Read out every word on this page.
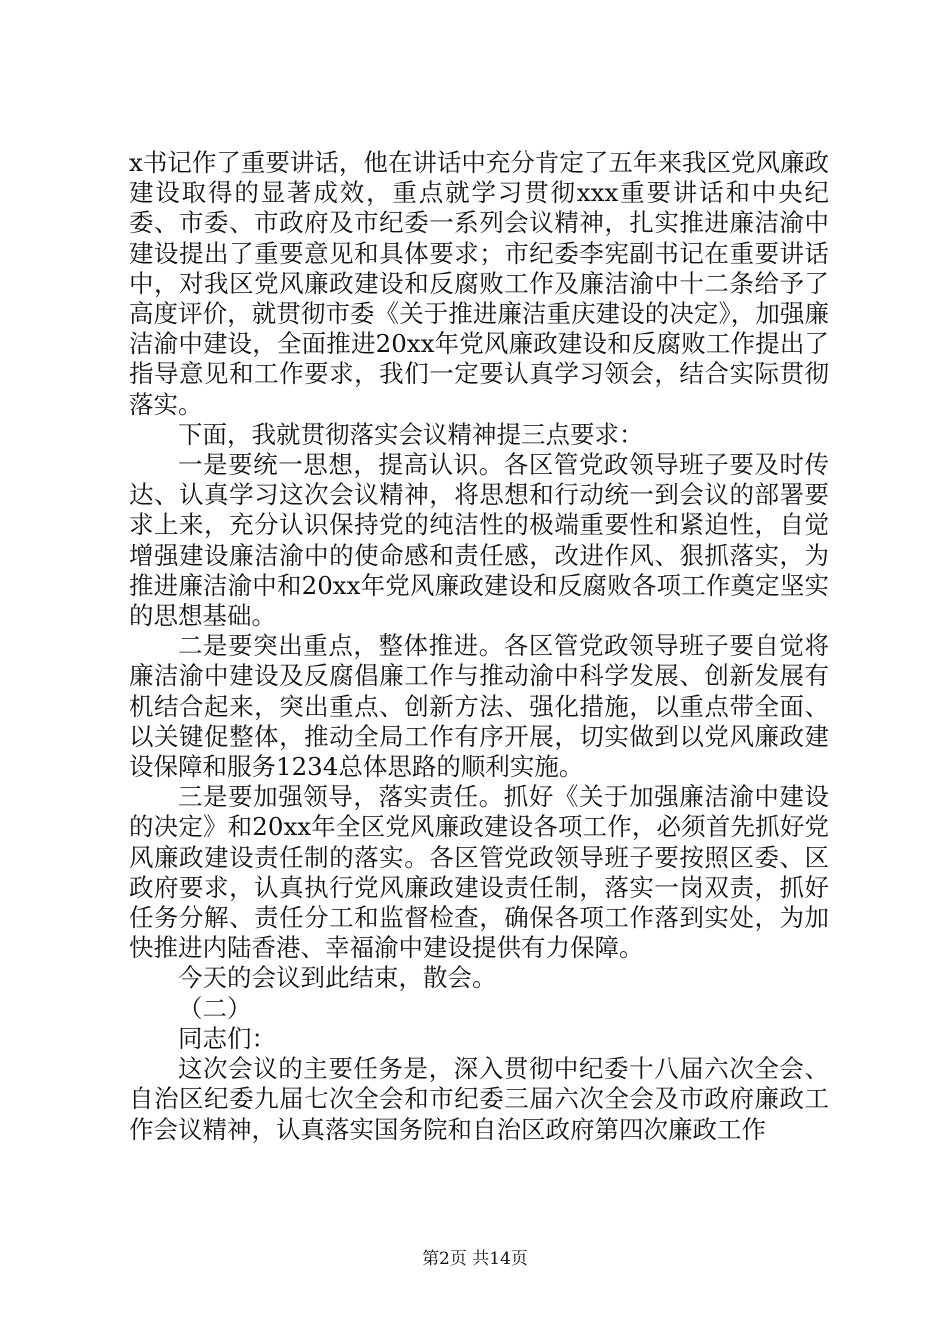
x书记作了重要讲话，他在讲话中充分肯定了五年来我区党风廉政建设取得的显著成效，重点就学习贯彻xxx重要讲话和中央纪委、市委、市政府及市纪委一系列会议精神，扎实推进廉洁渝中建设提出了重要意见和具体要求；市纪委李宪副书记在重要讲话中，对我区党风廉政建设和反腐败工作及廉洁渝中十二条给予了高度评价，就贯彻市委《关于推进廉洁重庆建设的决定》，加强廉洁渝中建设，全面推进20xx年党风廉政建设和反腐败工作提出了指导意见和工作要求，我们一定要认真学习领会，结合实际贯彻落实。

下面，我就贯彻落实会议精神提三点要求：

一是要统一思想，提高认识。各区管党政领导班子要及时传达、认真学习这次会议精神，将思想和行动统一到会议的部署要求上来，充分认识保持党的纯洁性的极端重要性和紧迫性，自觉增强建设廉洁渝中的使命感和责任感，改进作风、狠抓落实，为推进廉洁渝中和20xx年党风廉政建设和反腐败各项工作奠定坚实的思想基础。

二是要突出重点，整体推进。各区管党政领导班子要自觉将廉洁渝中建设及反腐倡廉工作与推动渝中科学发展、创新发展有机结合起来，突出重点、创新方法、强化措施，以重点带全面、以关键促整体，推动全局工作有序开展，切实做到以党风廉政建设保障和服务1234总体思路的顺利实施。

三是要加强领导，落实责任。抓好《关于加强廉洁渝中建设的决定》和20xx年全区党风廉政建设各项工作，必须首先抓好党风廉政建设责任制的落实。各区管党政领导班子要按照区委、区政府要求，认真执行党风廉政建设责任制，落实一岗双责，抓好任务分解、责任分工和监督检查，确保各项工作落到实处，为加快推进内陆香港、幸福渝中建设提供有力保障。

今天的会议到此结束，散会。

（二）

同志们：

这次会议的主要任务是，深入贯彻中纪委十八届六次全会、自治区纪委九届七次全会和市纪委三届六次全会及市政府廉政工作会议精神，认真落实国务院和自治区政府第四次廉政工作

第2页 共14页
